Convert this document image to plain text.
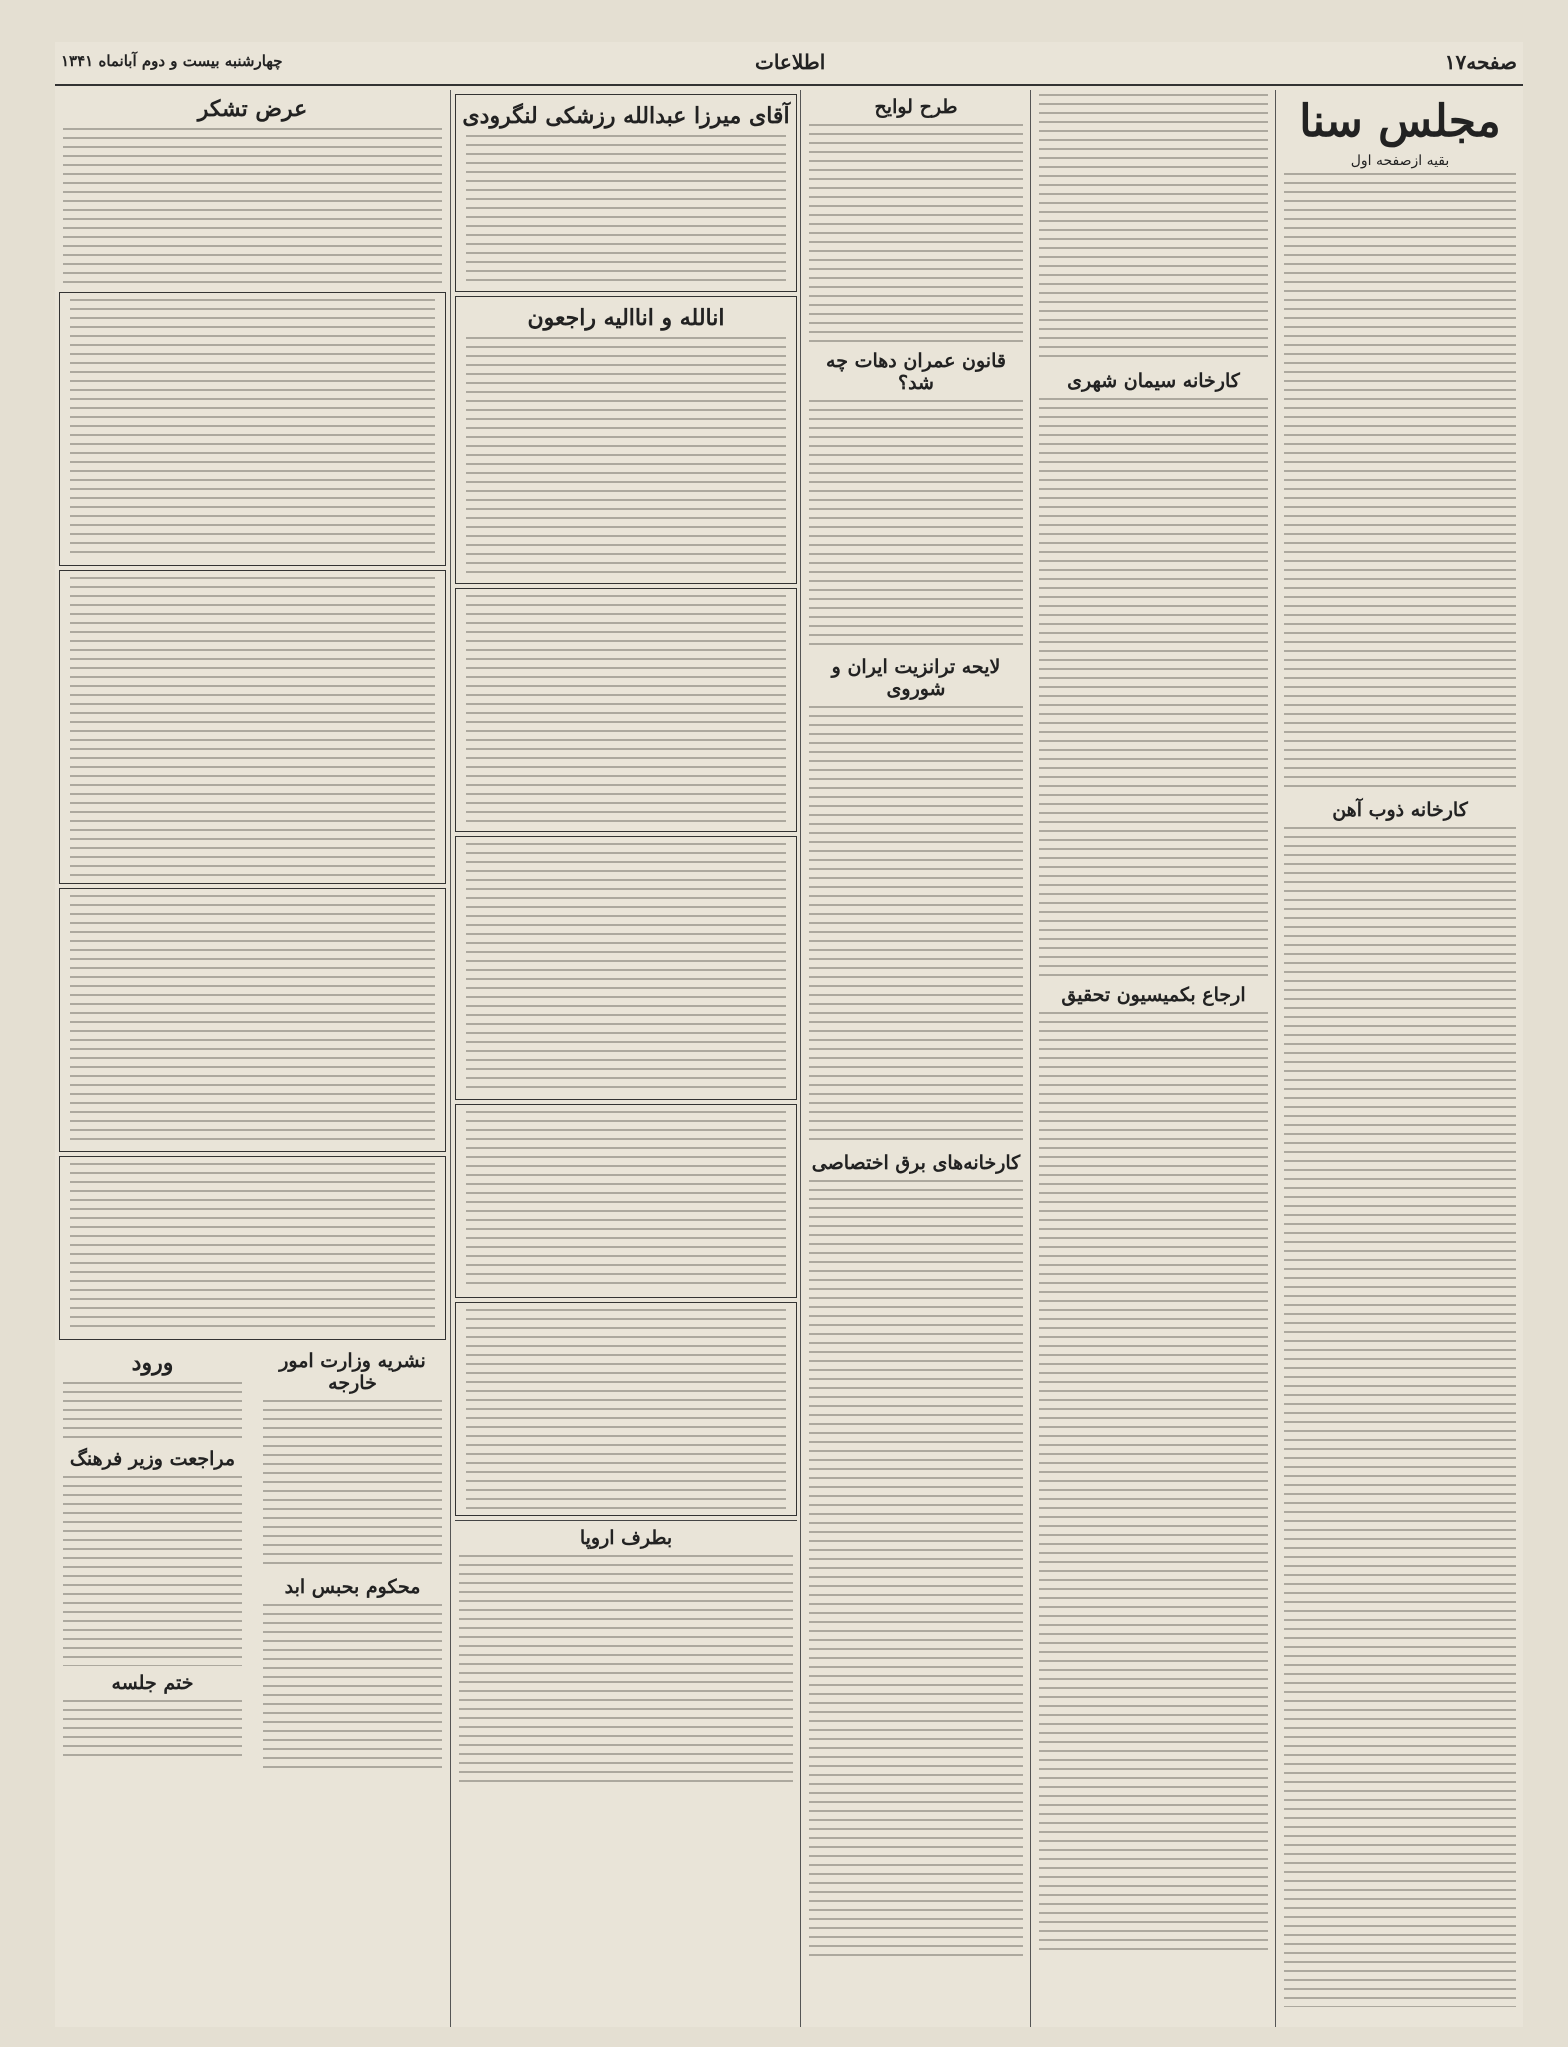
صفحه۱۷
اطلاعات
چهارشنبه بیست و دوم آبانماه ۱۳۴۱
مجلس سنا
بقیه ازصفحه اول
کارخانه ذوب آهن
کارخانه سیمان شهری
ارجاع بکمیسیون تحقیق
طرح لوایح
قانون عمران دهات چه شد؟
لایحه ترانزیت ایران و شوروی
کارخانه‌های برق اختصاصی
آقای میرزا عبدالله رزشکی لنگرودی
انالله و اناالیه راجعون
بطرف اروپا
عرض تشکر
نشریه وزارت امور خارجه
محکوم بحبس ابد
ورود
مراجعت وزیر فرهنگ
ختم جلسه
